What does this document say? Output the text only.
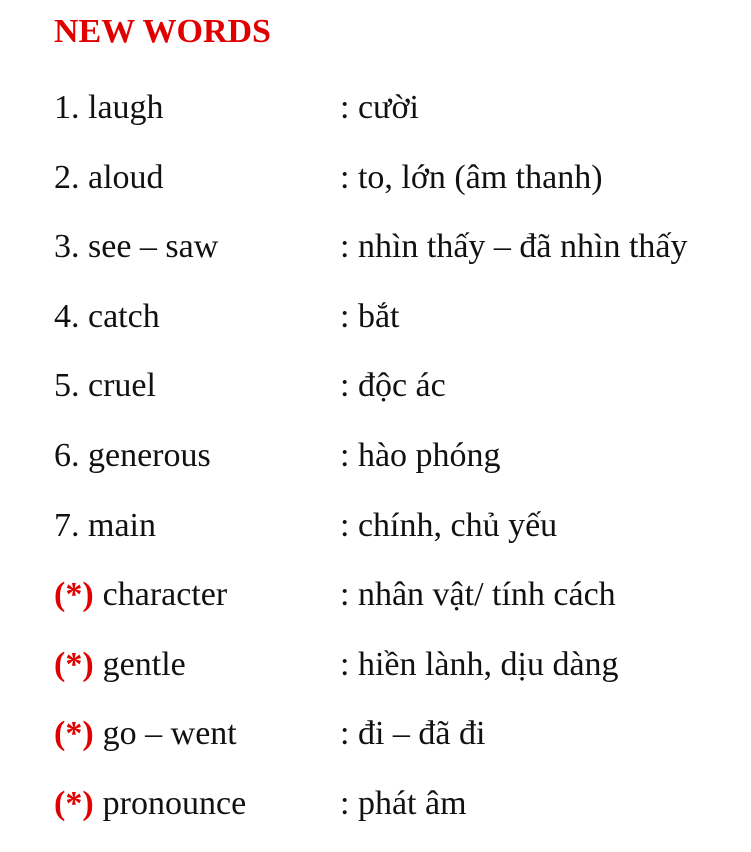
NEW WORDS
1. laugh	: cười
2. aloud	: to, lớn (âm thanh)
3. see – saw	: nhìn thấy – đã nhìn thấy
4. catch	: bắt
5. cruel	: độc ác
6. generous	: hào phóng
7. main	: chính, chủ yếu
(*) character	: nhân vật/ tính cách
(*) gentle	: hiền lành, dịu dàng
(*) go – went	: đi – đã đi
(*) pronounce	: phát âm
